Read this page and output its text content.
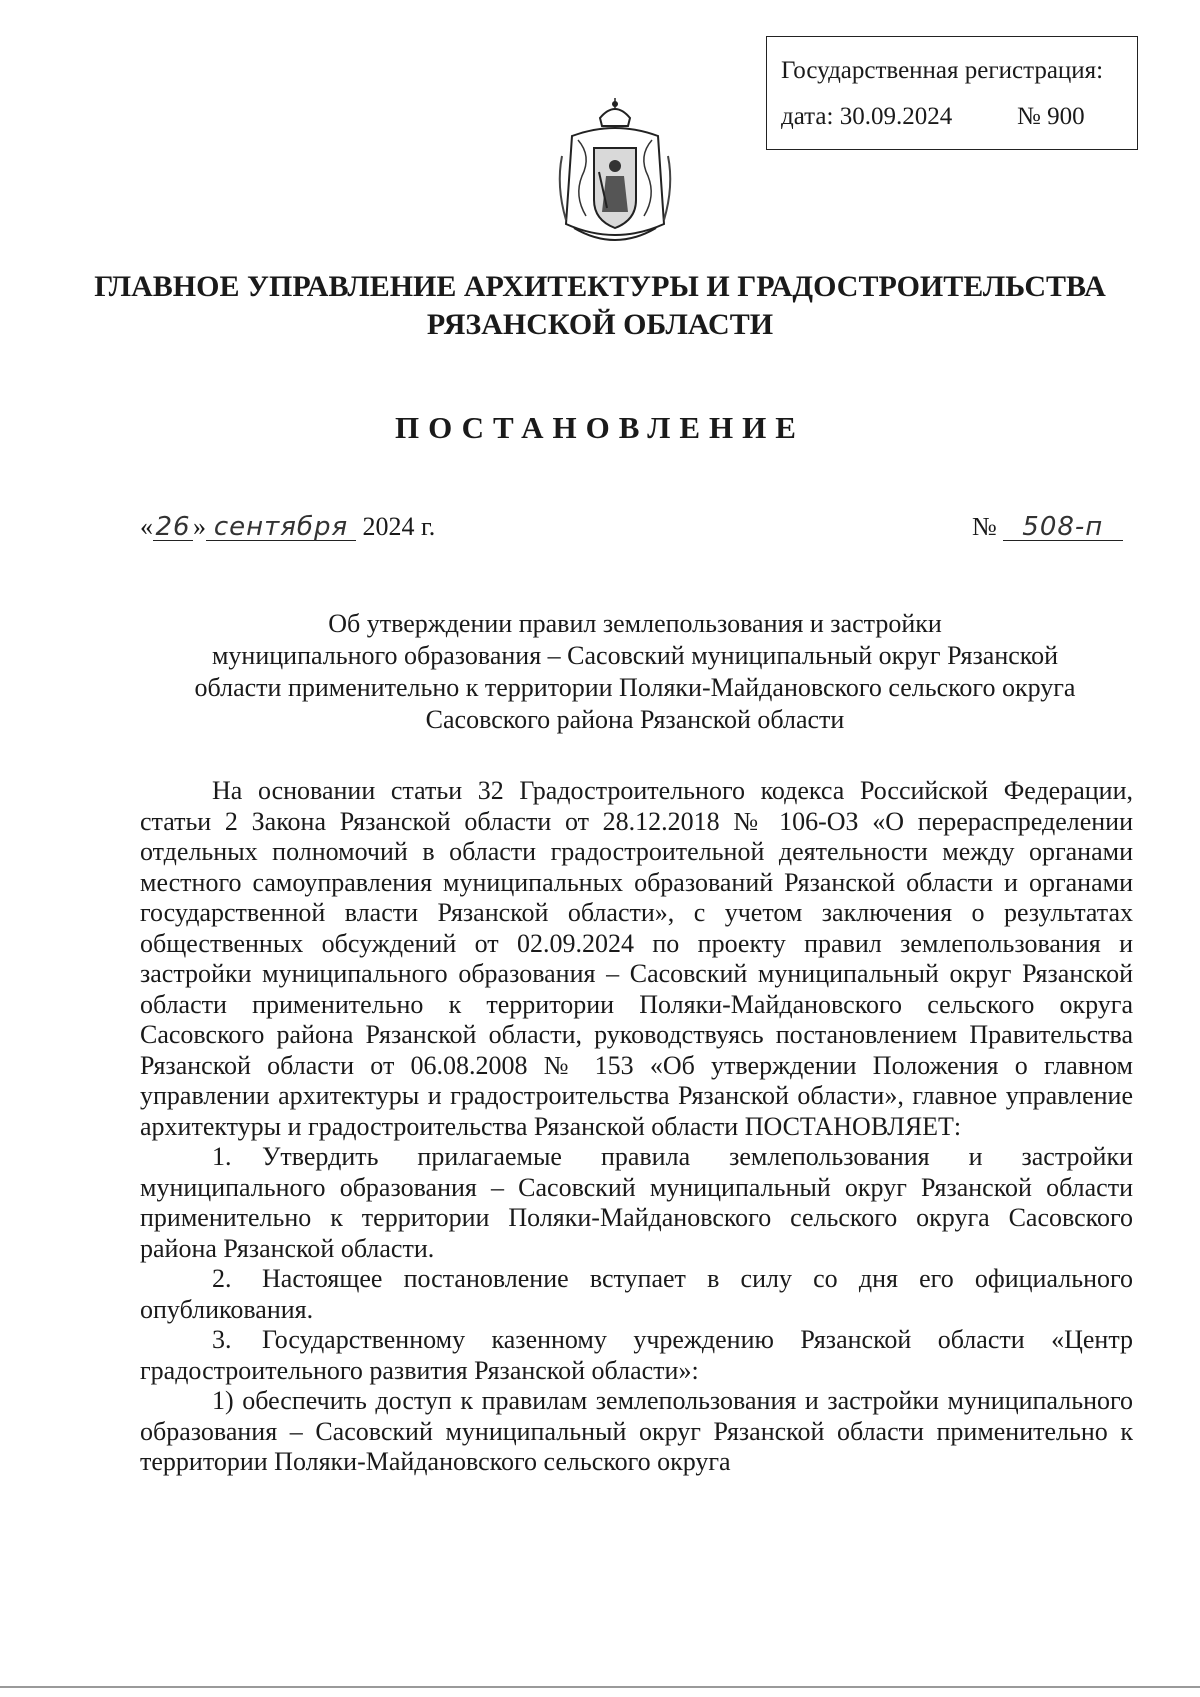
Государственная регистрация:
дата: 30.09.2024	№ 900
ГЛАВНОЕ УПРАВЛЕНИЕ АРХИТЕКТУРЫ И ГРАДОСТРОИТЕЛЬСТВА
РЯЗАНСКОЙ ОБЛАСТИ
ПОСТАНОВЛЕНИЕ
«26» сентября 2024 г.	№ 508-п
Об утверждении правил землепользования и застройки
муниципального образования – Сасовский муниципальный округ Рязанской
области применительно к территории Поляки-Майдановского сельского округа
Сасовского района Рязанской области

На основании статьи 32 Градостроительного кодекса Российской Федерации, статьи 2 Закона Рязанской области от 28.12.2018 № 106-ОЗ «О перераспределении отдельных полномочий в области градостроительной деятельности между органами местного самоуправления муниципальных образований Рязанской области и органами государственной власти Рязанской области», с учетом заключения о результатах общественных обсуждений от 02.09.2024 по проекту правил землепользования и застройки муниципального образования – Сасовский муниципальный округ Рязанской области применительно к территории Поляки-Майдановского сельского округа Сасовского района Рязанской области, руководствуясь постановлением Правительства Рязанской области от 06.08.2008 № 153 «Об утверждении Положения о главном управлении архитектуры и градостроительства Рязанской области», главное управление архитектуры и градостроительства Рязанской области ПОСТАНОВЛЯЕТ:

1. Утвердить прилагаемые правила землепользования и застройки муниципального образования – Сасовский муниципальный округ Рязанской области применительно к территории Поляки-Майдановского сельского округа Сасовского района Рязанской области.

2. Настоящее постановление вступает в силу со дня его официального опубликования.

3. Государственному казенному учреждению Рязанской области «Центр градостроительного развития Рязанской области»:

1) обеспечить доступ к правилам землепользования и застройки муниципального образования – Сасовский муниципальный округ Рязанской области применительно к территории Поляки-Майдановского сельского округа
